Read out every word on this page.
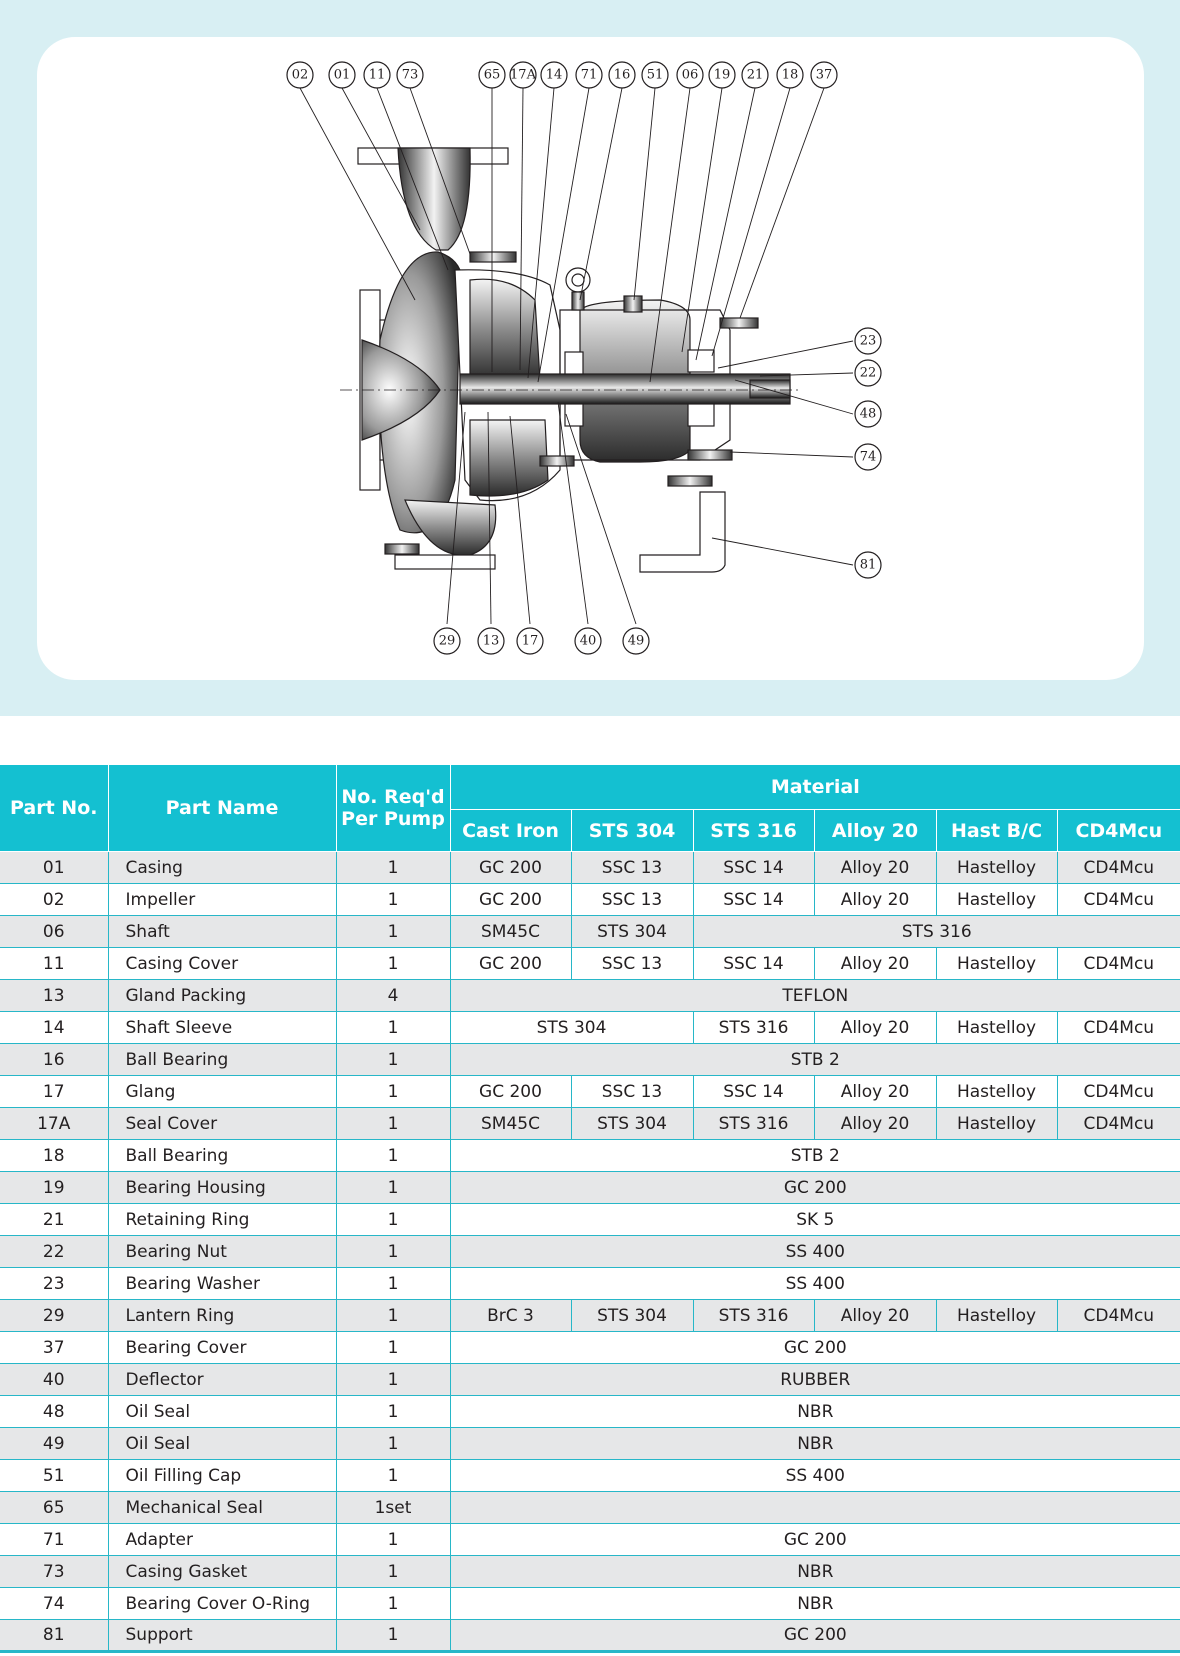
02 01 11 73	65 17A 14 71 16 51 06 19 21 18 37
23
22
48
74
81
29 13 17	40 49
Part No.	Part Name	No. Req'd
Per Pump	Material					
			Cast Iron	STS 304	STS 316	Alloy 20	Hast B/C	CD4Mcu
01	Casing	1	GC 200	SSC 13	SSC 14	Alloy 20	Hastelloy	CD4Mcu
02	Impeller	1	GC 200	SSC 13	SSC 14	Alloy 20	Hastelloy	CD4Mcu
06	Shaft	1	SM45C	STS 304	STS 316			
11	Casing Cover	1	GC 200	SSC 13	SSC 14	Alloy 20	Hastelloy	CD4Mcu
13	Gland Packing	4	TEFLON					
14	Shaft Sleeve	1	STS 304		STS 316	Alloy 20	Hastelloy	CD4Mcu
16	Ball Bearing	1	STB 2					
17	Glang	1	GC 200	SSC 13	SSC 14	Alloy 20	Hastelloy	CD4Mcu
17A	Seal Cover	1	SM45C	STS 304	STS 316	Alloy 20	Hastelloy	CD4Mcu
18	Ball Bearing	1	STB 2					
19	Bearing Housing	1	GC 200					
21	Retaining Ring	1	SK 5					
22	Bearing Nut	1	SS 400					
23	Bearing Washer	1	SS 400					
29	Lantern Ring	1	BrC 3	STS 304	STS 316	Alloy 20	Hastelloy	CD4Mcu
37	Bearing Cover	1	GC 200					
40	Deflector	1	RUBBER					
48	Oil Seal	1	NBR					
49	Oil Seal	1	NBR					
51	Oil Filling Cap	1	SS 400					
65	Mechanical Seal	1set						
71	Adapter	1	GC 200					
73	Casing Gasket	1	NBR					
74	Bearing Cover O-Ring	1	NBR					
81	Support	1	GC 200					
